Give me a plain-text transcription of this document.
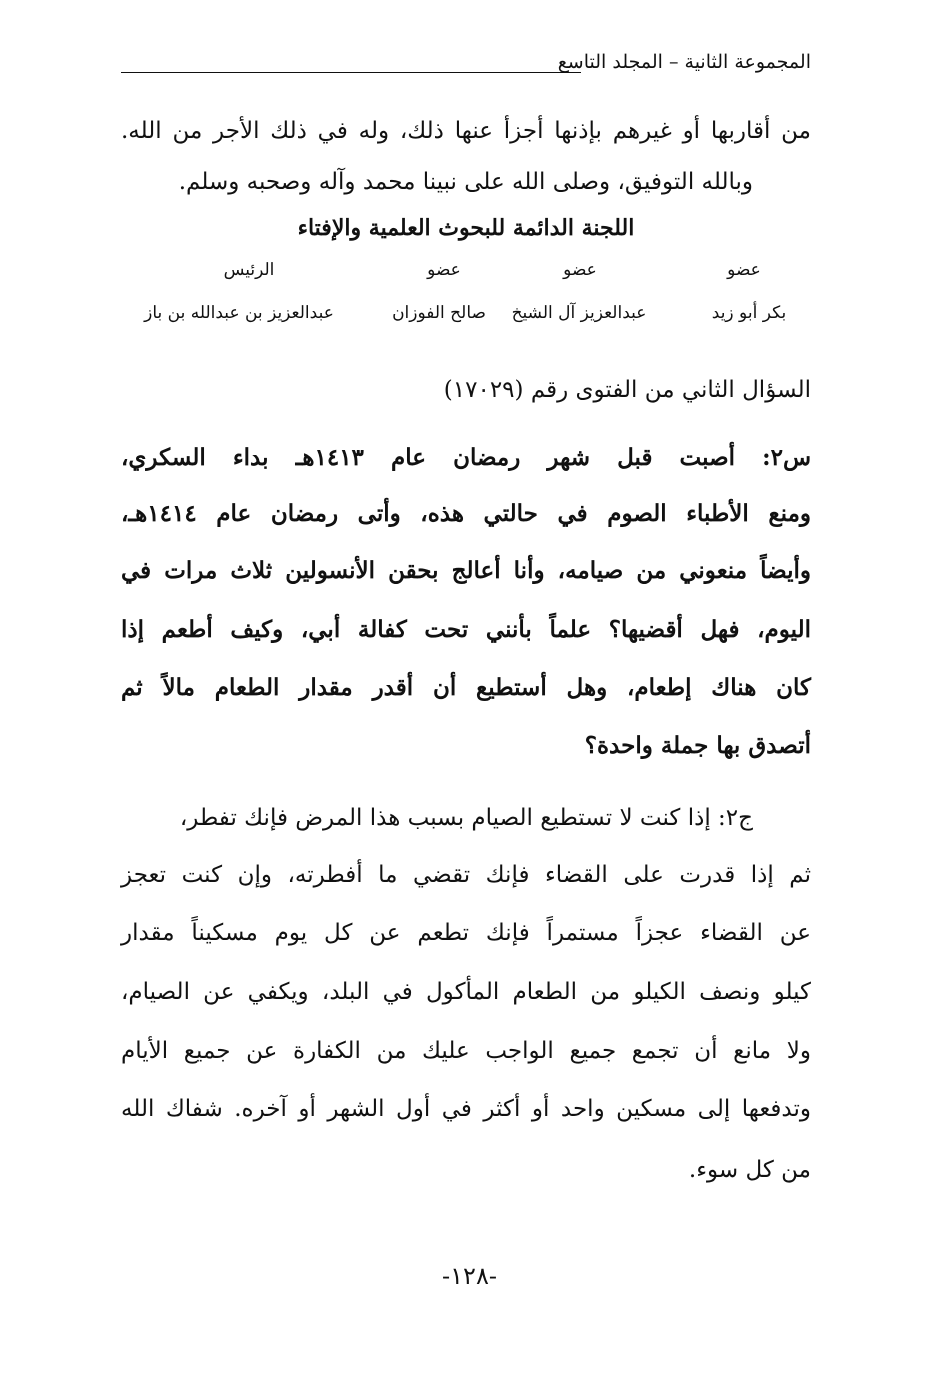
المجموعة الثانية – المجلد التاسع
من أقاربها أو غيرهم بإذنها أجزأ عنها ذلك، وله في ذلك الأجر من الله.
وبالله التوفيق، وصلى الله على نبينا محمد وآله وصحبه وسلم.
اللجنة الدائمة للبحوث العلمية والإفتاء
عضو
عضو
عضو
الرئيس
بكر أبو زيد
عبدالعزيز آل الشيخ
صالح الفوزان
عبدالعزيز بن عبدالله بن باز
السؤال الثاني من الفتوى رقم (١٧٠٢٩)
س٢: أصبت قبل شهر رمضان عام ١٤١٣هـ بداء السكري،
ومنع الأطباء الصوم في حالتي هذه، وأتى رمضان عام ١٤١٤هـ،
وأيضاً منعوني من صيامه، وأنا أعالج بحقن الأنسولين ثلاث مرات في
اليوم، فهل أقضيها؟ علماً بأنني تحت كفالة أبي، وكيف أطعم إذا
كان هناك إطعام، وهل أستطيع أن أقدر مقدار الطعام مالاً ثم
أتصدق بها جملة واحدة؟
ج٢: إذا كنت لا تستطيع الصيام بسبب هذا المرض فإنك تفطر،
ثم إذا قدرت على القضاء فإنك تقضي ما أفطرته، وإن كنت تعجز
عن القضاء عجزاً مستمراً فإنك تطعم عن كل يوم مسكيناً مقدار
كيلو ونصف الكيلو من الطعام المأكول في البلد، ويكفي عن الصيام،
ولا مانع أن تجمع جميع الواجب عليك من الكفارة عن جميع الأيام
وتدفعها إلى مسكين واحد أو أكثر في أول الشهر أو آخره. شفاك الله
من كل سوء.
-١٢٨-
